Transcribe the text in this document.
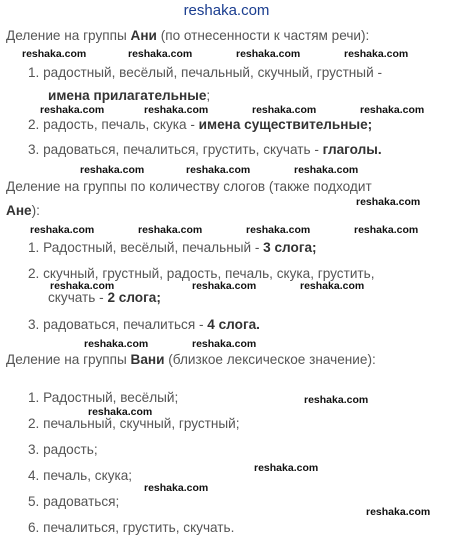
reshaka.com
Деление на группы Ани (по отнесенности к частям речи):
1. радостный, весёлый, печальный, скучный, грустный -
имена прилагательные;
2. радость, печаль, скука - имена существительные;
3. радоваться, печалиться, грустить, скучать - глаголы.
Деление на группы по количеству слогов (также подходит
Ане):
1. Радостный, весёлый, печальный - 3 слога;
2. скучный, грустный, радость, печаль, скука, грустить,
скучать - 2 слога;
3. радоваться, печалиться - 4 слога.
Деление на группы Вани (близкое лексическое значение):
1. Радостный, весёлый;
2. печальный, скучный, грустный;
3. радость;
4. печаль, скука;
5. радоваться;
6. печалиться, грустить, скучать.
reshaka.com	reshaka.com	reshaka.com	reshaka.com
reshaka.com	reshaka.com	reshaka.com	reshaka.com
reshaka.com	reshaka.com	reshaka.com
reshaka.com
reshaka.com	reshaka.com	reshaka.com	reshaka.com
reshaka.com	reshaka.com	reshaka.com
reshaka.com	reshaka.com
reshaka.com
reshaka.com
reshaka.com
reshaka.com
reshaka.com
